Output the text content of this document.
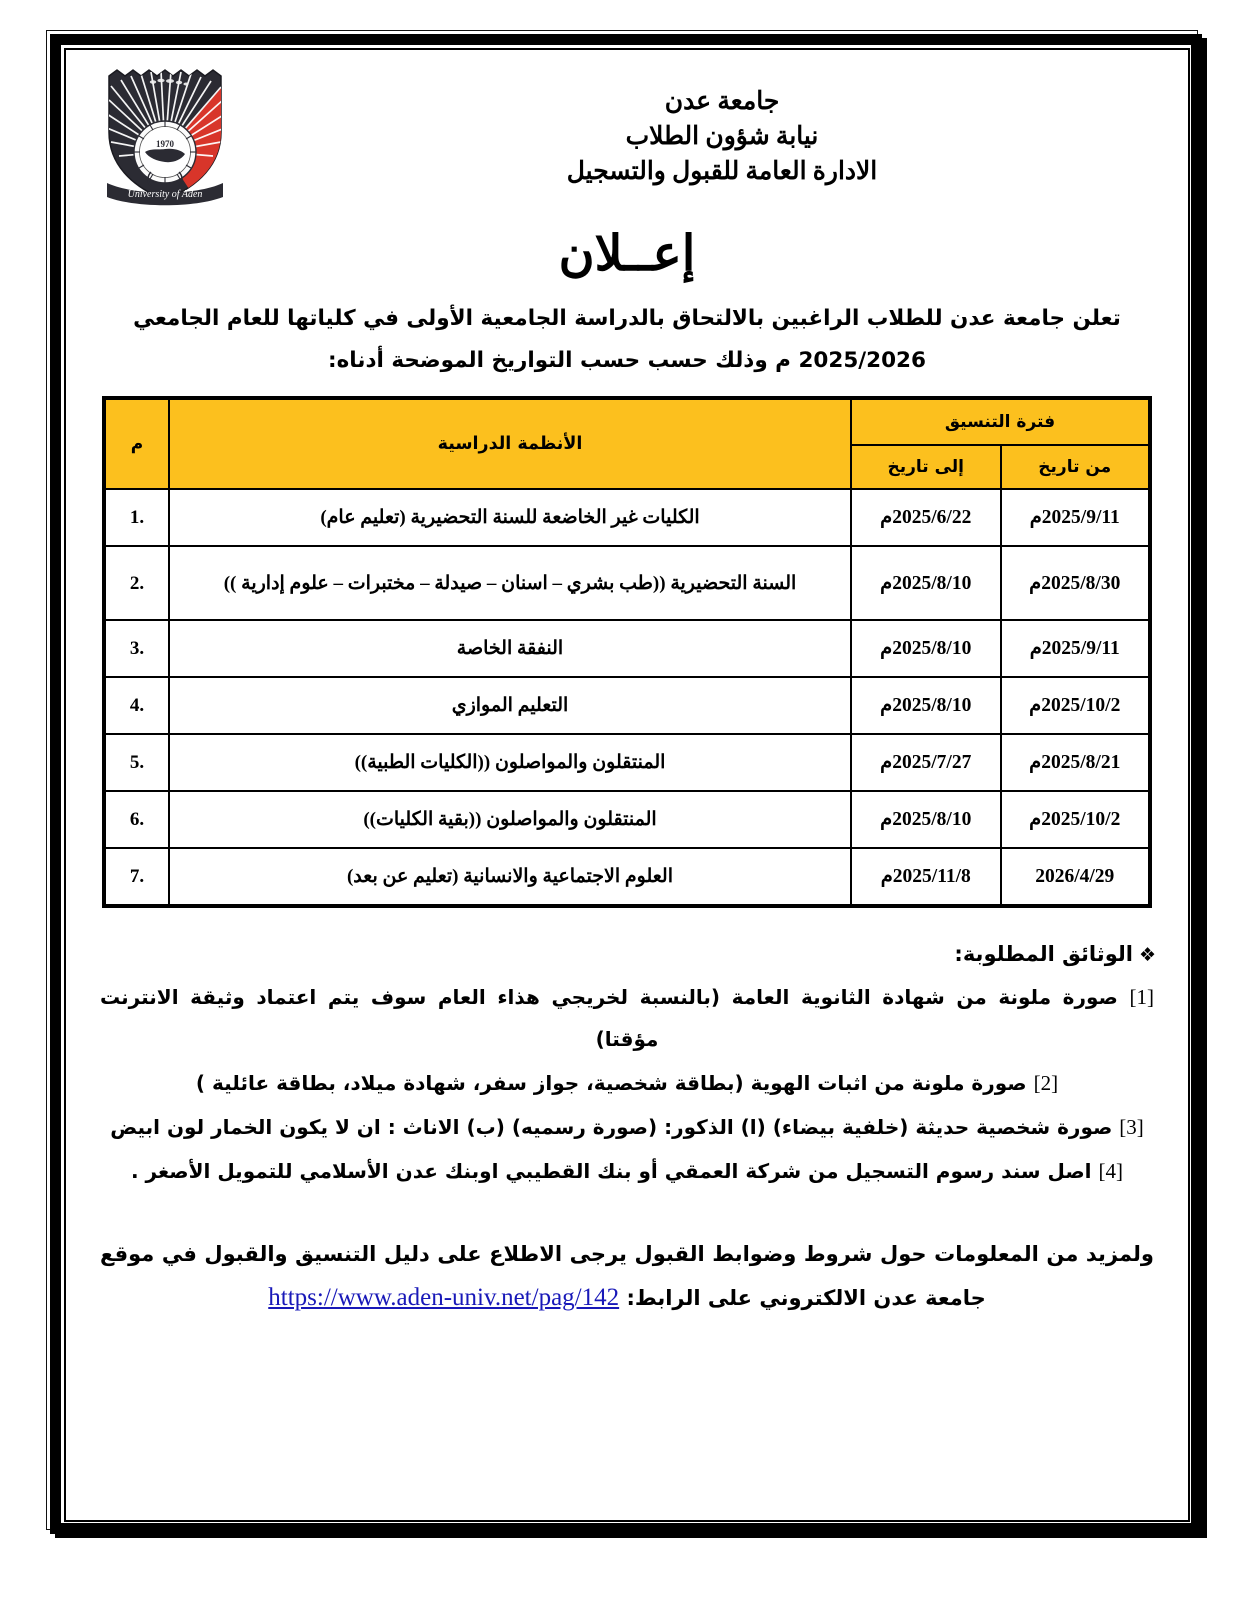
1970
University of Aden
جامعة عدن
نيابة شؤون الطلاب
الادارة العامة للقبول والتسجيل
إعــلان
تعلن جامعة عدن للطلاب الراغبين بالالتحاق بالدراسة الجامعية الأولى في كلياتها للعام الجامعي 2025/2026 م وذلك حسب حسب التواريخ الموضحة أدناه:
فترة التنسيق		الأنظمة الدراسية	م
من تاريخ	إلى تاريخ		
2025/9/11م	2025/6/22م	الكليات غير الخاضعة للسنة التحضيرية (تعليم عام)	1.
2025/8/30م	2025/8/10م	السنة التحضيرية ((طب بشري – اسنان – صيدلة – مختبرات – علوم إدارية ))	2.
2025/9/11م	2025/8/10م	النفقة الخاصة	3.
2025/10/2م	2025/8/10م	التعليم الموازي	4.
2025/8/21م	2025/7/27م	المنتقلون والمواصلون ((الكليات الطبية))	5.
2025/10/2م	2025/8/10م	المنتقلون والمواصلون ((بقية الكليات))	6.
2026/4/29	2025/11/8م	العلوم الاجتماعية والانسانية (تعليم عن بعد)	7.
❖الوثائق المطلوبة:
[1] صورة ملونة من شهادة الثانوية العامة (بالنسبة لخريجي هذاء العام سوف يتم اعتماد وثيقة الانترنت مؤقتا)
[2] صورة ملونة من اثبات الهوية (بطاقة شخصية، جواز سفر، شهادة ميلاد، بطاقة عائلية )
[3] صورة شخصية حديثة (خلفية بيضاء) (ا) الذكور: (صورة رسميه) (ب) الاناث : ان لا يكون الخمار لون ابيض
[4] اصل سند رسوم التسجيل من شركة العمقي أو بنك القطيبي اوبنك عدن الأسلامي للتمويل الأصغر .
ولمزيد من المعلومات حول شروط وضوابط القبول يرجى الاطلاع على دليل التنسيق والقبول في موقع جامعة عدن الالكتروني على الرابط: https://www.aden-univ.net/pag/142
